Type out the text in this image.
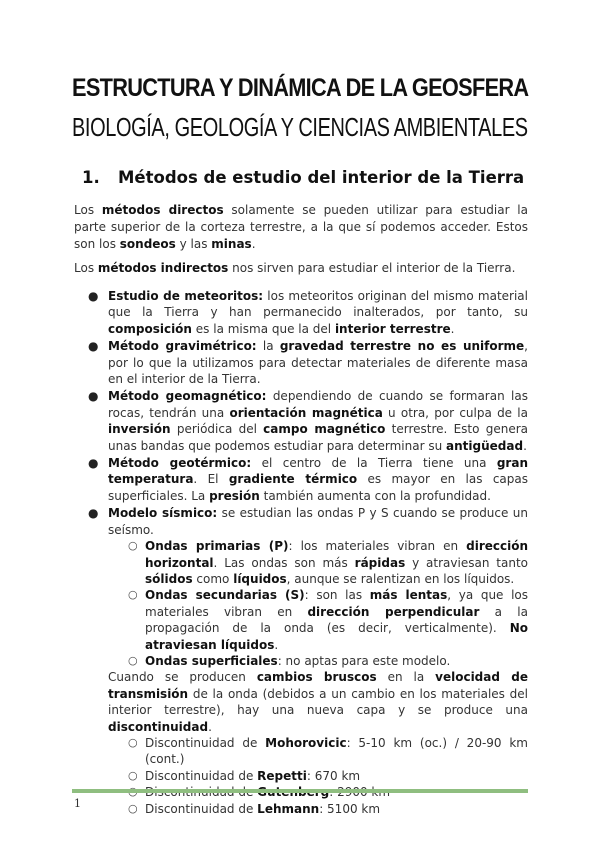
ESTRUCTURA Y DINÁMICA DE LA GEOSFERA
BIOLOGÍA, GEOLOGÍA Y CIENCIAS AMBIENTALES
1. Métodos de estudio del interior de la Tierra
Los métodos directos solamente se pueden utilizar para estudiar la parte superior de la corteza terrestre, a la que sí podemos acceder. Estos son los sondeos y las minas.
Los métodos indirectos nos sirven para estudiar el interior de la Tierra.
● Estudio de meteoritos: los meteoritos originan del mismo material que la Tierra y han permanecido inalterados, por tanto, su composición es la misma que la del interior terrestre.
● Método gravimétrico: la gravedad terrestre no es uniforme, por lo que la utilizamos para detectar materiales de diferente masa en el interior de la Tierra.
● Método geomagnético: dependiendo de cuando se formaran las rocas, tendrán una orientación magnética u otra, por culpa de la inversión periódica del campo magnético terrestre. Esto genera unas bandas que podemos estudiar para determinar su antigüedad.
● Método geotérmico: el centro de la Tierra tiene una gran temperatura. El gradiente térmico es mayor en las capas superficiales. La presión también aumenta con la profundidad.
● Modelo sísmico: se estudian las ondas P y S cuando se produce un seísmo.
○ Ondas primarias (P): los materiales vibran en dirección horizontal. Las ondas son más rápidas y atraviesan tanto sólidos como líquidos, aunque se ralentizan en los líquidos.
○ Ondas secundarias (S): son las más lentas, ya que los materiales vibran en dirección perpendicular a la propagación de la onda (es decir, verticalmente). No atraviesan líquidos.
○ Ondas superficiales: no aptas para este modelo.
Cuando se producen cambios bruscos en la velocidad de transmisión de la onda (debidos a un cambio en los materiales del interior terrestre), hay una nueva capa y se produce una discontinuidad.
○ Discontinuidad de Mohorovicic: 5-10 km (oc.) / 20-90 km (cont.)
○ Discontinuidad de Repetti: 670 km
○ Discontinuidad de Lehmann: 5100 km
1
